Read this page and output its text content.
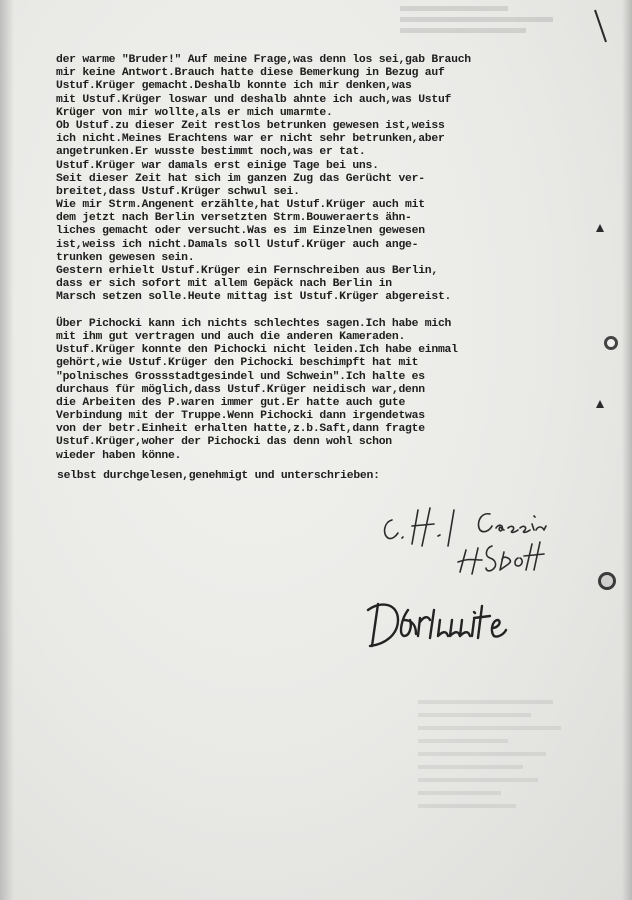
der warme "Bruder!" Auf meine Frage,was denn los sei,gab Brauch
mir keine Antwort.Brauch hatte diese Bemerkung in Bezug auf
Ustuf.Krüger gemacht.Deshalb konnte ich mir denken,was
mit Ustuf.Krüger loswar und deshalb ahnte ich auch,was Ustuf
Krüger von mir wollte,als er mich umarmte.
Ob Ustuf.zu dieser Zeit restlos betrunken gewesen ist,weiss
ich nicht.Meines Erachtens war er nicht sehr betrunken,aber
angetrunken.Er wusste bestimmt noch,was er tat.
Ustuf.Krüger war damals erst einige Tage bei uns.
Seit dieser Zeit hat sich im ganzen Zug das Gerücht ver-
breitet,dass Ustuf.Krüger schwul sei.
Wie mir Strm.Angenent erzählte,hat Ustuf.Krüger auch mit
dem jetzt nach Berlin versetzten Strm.Bouweraerts ähn-
liches gemacht oder versucht.Was es im Einzelnen gewesen
ist,weiss ich nicht.Damals soll Ustuf.Krüger auch ange-
trunken gewesen sein.
Gestern erhielt Ustuf.Krüger ein Fernschreiben aus Berlin,
dass er sich sofort mit allem Gepäck nach Berlin in
Marsch setzen solle.Heute mittag ist Ustuf.Krüger abgereist.
Über Pichocki kann ich nichts schlechtes sagen.Ich habe mich
mit ihm gut vertragen und auch die anderen Kameraden.
Ustuf.Krüger konnte den Pichocki nicht leiden.Ich habe einmal
gehört,wie Ustuf.Krüger den Pichocki beschimpft hat mit
"polnisches Grossstadtgesindel und Schwein".Ich halte es
durchaus für möglich,dass Ustuf.Krüger neidisch war,denn
die Arbeiten des P.waren immer gut.Er hatte auch gute
Verbindung mit der Truppe.Wenn Pichocki dann irgendetwas
von der betr.Einheit erhalten hatte,z.b.Saft,dann fragte
Ustuf.Krüger,woher der Pichocki das denn wohl schon
wieder haben könne.
selbst durchgelesen,genehmigt und unterschrieben:
